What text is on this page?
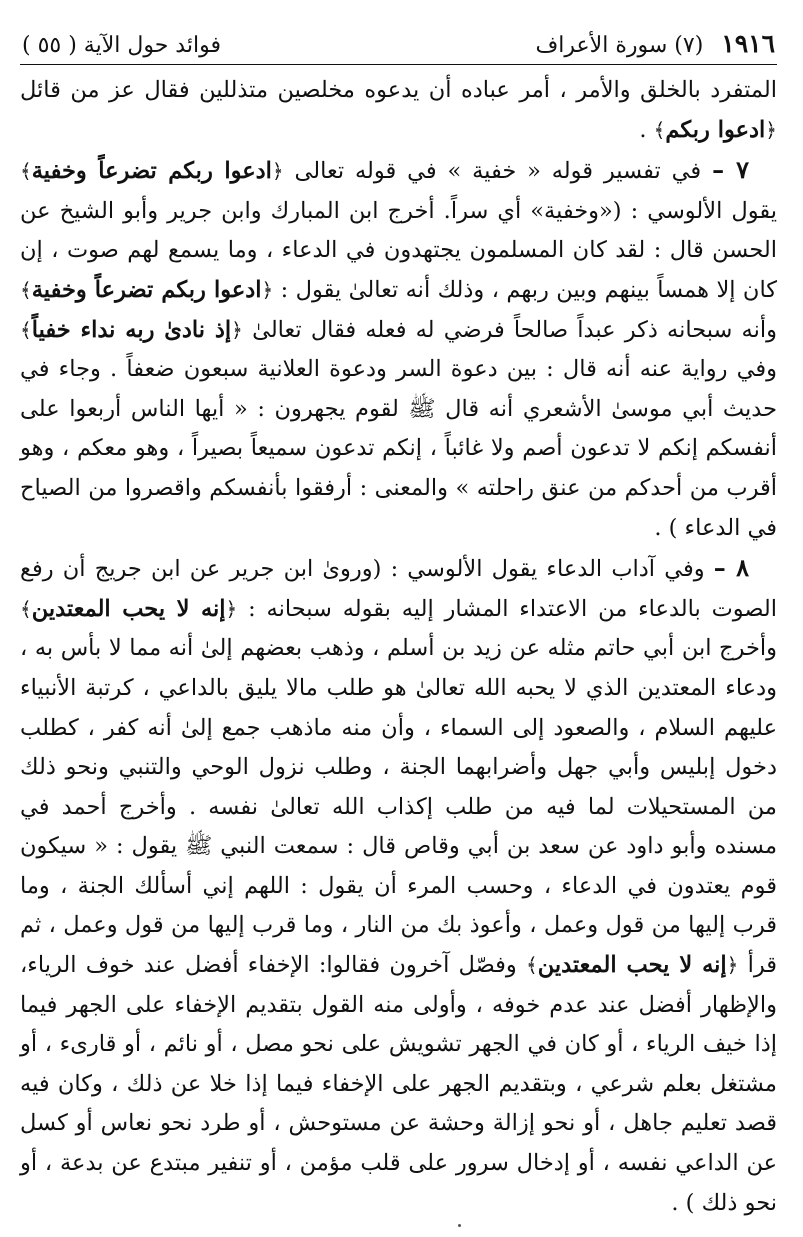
١٩١٦
(٧) سورة الأعراف
فوائد حول الآية ( ٥٥ )

المتفرد بالخلق والأمر ، أمر عباده أن يدعوه مخلصين متذللين فقال عز من قائل ﴿ادعوا ربكم﴾ .

٧ – في تفسير قوله « خفية » في قوله تعالى ﴿ادعوا ربكم تضرعاً وخفية﴾ يقول الألوسي : («وخفية» أي سراً. أخرج ابن المبارك وابن جرير وأبو الشيخ عن الحسن قال : لقد كان المسلمون يجتهدون في الدعاء ، وما يسمع لهم صوت ، إن كان إلا همساً بينهم وبين ربهم ، وذلك أنه تعالىٰ يقول : ﴿ادعوا ربكم تضرعاً وخفية﴾ وأنه سبحانه ذكر عبداً صالحاً فرضي له فعله فقال تعالىٰ ﴿إذ نادىٰ ربه نداء خفياً﴾ وفي رواية عنه أنه قال : بين دعوة السر ودعوة العلانية سبعون ضعفاً . وجاء في حديث أبي موسىٰ الأشعري أنه قال ﷺ لقوم يجهرون : « أيها الناس أربعوا على أنفسكم إنكم لا تدعون أصم ولا غائباً ، إنكم تدعون سميعاً بصيراً ، وهو معكم ، وهو أقرب من أحدكم من عنق راحلته » والمعنى : أرفقوا بأنفسكم واقصروا من الصياح في الدعاء ) .

٨ – وفي آداب الدعاء يقول الألوسي : (وروىٰ ابن جرير عن ابن جريج أن رفع الصوت بالدعاء من الاعتداء المشار إليه بقوله سبحانه : ﴿إنه لا يحب المعتدين﴾ وأخرج ابن أبي حاتم مثله عن زيد بن أسلم ، وذهب بعضهم إلىٰ أنه مما لا بأس به ، ودعاء المعتدين الذي لا يحبه الله تعالىٰ هو طلب مالا يليق بالداعي ، كرتبة الأنبياء عليهم السلام ، والصعود إلى السماء ، وأن منه ماذهب جمع إلىٰ أنه كفر ، كطلب دخول إبليس وأبي جهل وأضرابهما الجنة ، وطلب نزول الوحي والتنبي ونحو ذلك من المستحيلات لما فيه من طلب إكذاب الله تعالىٰ نفسه . وأخرج أحمد في مسنده وأبو داود عن سعد بن أبي وقاص قال : سمعت النبي ﷺ يقول : « سيكون قوم يعتدون في الدعاء ، وحسب المرء أن يقول : اللهم إني أسألك الجنة ، وما قرب إليها من قول وعمل ، وأعوذ بك من النار ، وما قرب إليها من قول وعمل ، ثم قرأ ﴿إنه لا يحب المعتدين﴾ وفصّل آخرون فقالوا: الإخفاء أفضل عند خوف الرياء، والإظهار أفضل عند عدم خوفه ، وأولى منه القول بتقديم الإخفاء على الجهر فيما إذا خيف الرياء ، أو كان في الجهر تشويش على نحو مصل ، أو نائم ، أو قارىء ، أو مشتغل بعلم شرعي ، وبتقديم الجهر على الإخفاء فيما إذا خلا عن ذلك ، وكان فيه قصد تعليم جاهل ، أو نحو إزالة وحشة عن مستوحش ، أو طرد نحو نعاس أو كسل عن الداعي نفسه ، أو إدخال سرور على قلب مؤمن ، أو تنفير مبتدع عن بدعة ، أو نحو ذلك ) .
